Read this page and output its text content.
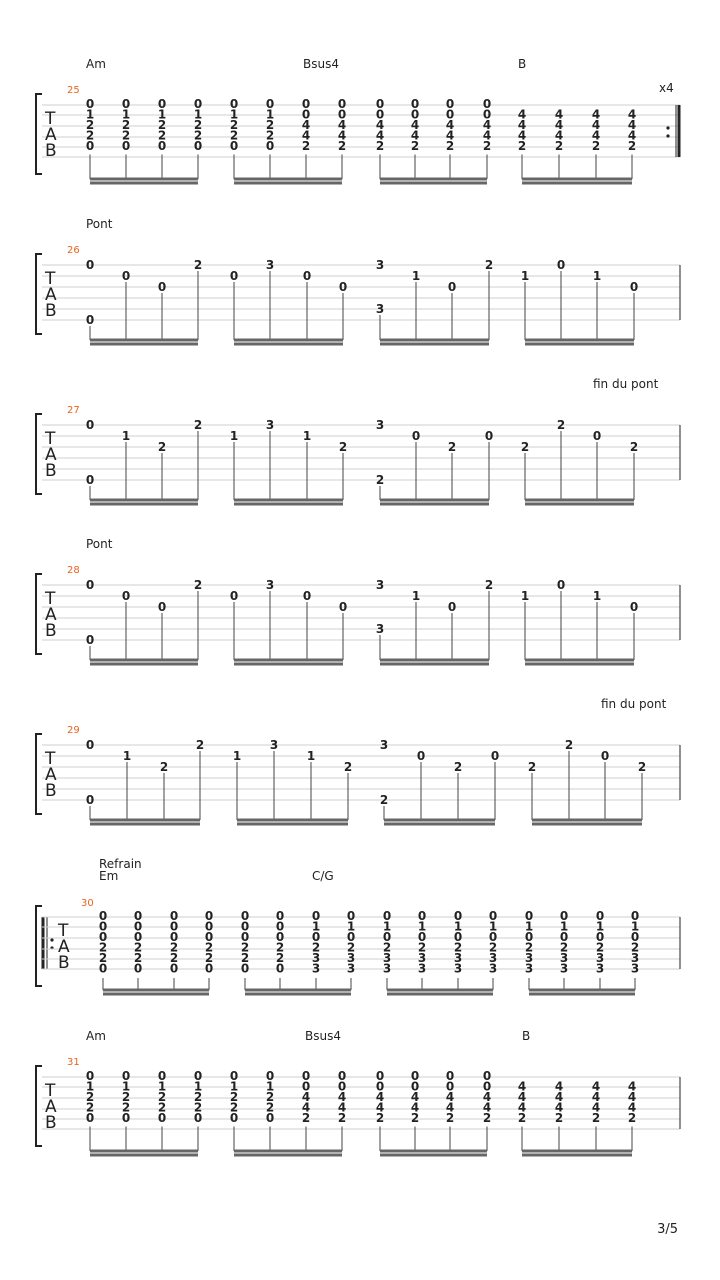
3/5
Am	Bsus4	B
x4
25
T
A
B
Pont
26
T
A
B
fin du pont
27
T
A
B
Pont
28
T
A
B
fin du pont
29
T
A
B
Refrain
Em	C/G
30
T
A
B
Am	Bsus4	B
31
T
A
B
0
1
2
2
0
0
1
2
2
0
0
1
2
2
0
0
1
2
2
0
0
1
2
2
0
0
1
2
2
0
0
0
4
4
2
0
0
4
4
2
0
0
4
4
2
0
0
4
4
2
0
0
4
4
2
0
0
4
4
2
4
4
4
2
4
4
4
2
4
4
4
2
4
4
4
2
0
1
2
2
0
0
1
2
2
0
0
1
2
2
0
0
1
2
2
0
0
1
2
2
0
0
1
2
2
0
0
0
4
4
2
0
0
4
4
2
0
0
4
4
2
0
0
4
4
2
0
0
4
4
2
0
0
4
4
2
4
4
4
2
4
4
4
2
4
4
4
2
4
4
4
2
0
0
0
2
2
0
0
0
0
2
2
0
0
0
0
2
2
0
0
0
0
2
2
0
0
0
0
2
2
0
0
0
0
2
2
0
0
1
0
2
3
3
0
1
0
2
3
3
0
1
0
2
3
3
0
1
0
2
3
3
0
1
0
2
3
3
0
1
0
2
3
3
0
1
0
2
3
3
0
1
0
2
3
3
0
1
0
2
3
3
0
1
0
2
3
3
0
0
0
0
2
0
3
0
0
3
3
1
0
2
1
0
1
0
0
0
1
2
2
1
3
1
2
3
2
0
2
0
2
2
0
2
0
0
0
0
2
0
3
0
0
3
3
1
0
2
1
0
1
0
0
0
1
2
2
1
3
1
2
3
2
0
2
0
2
2
0
2
